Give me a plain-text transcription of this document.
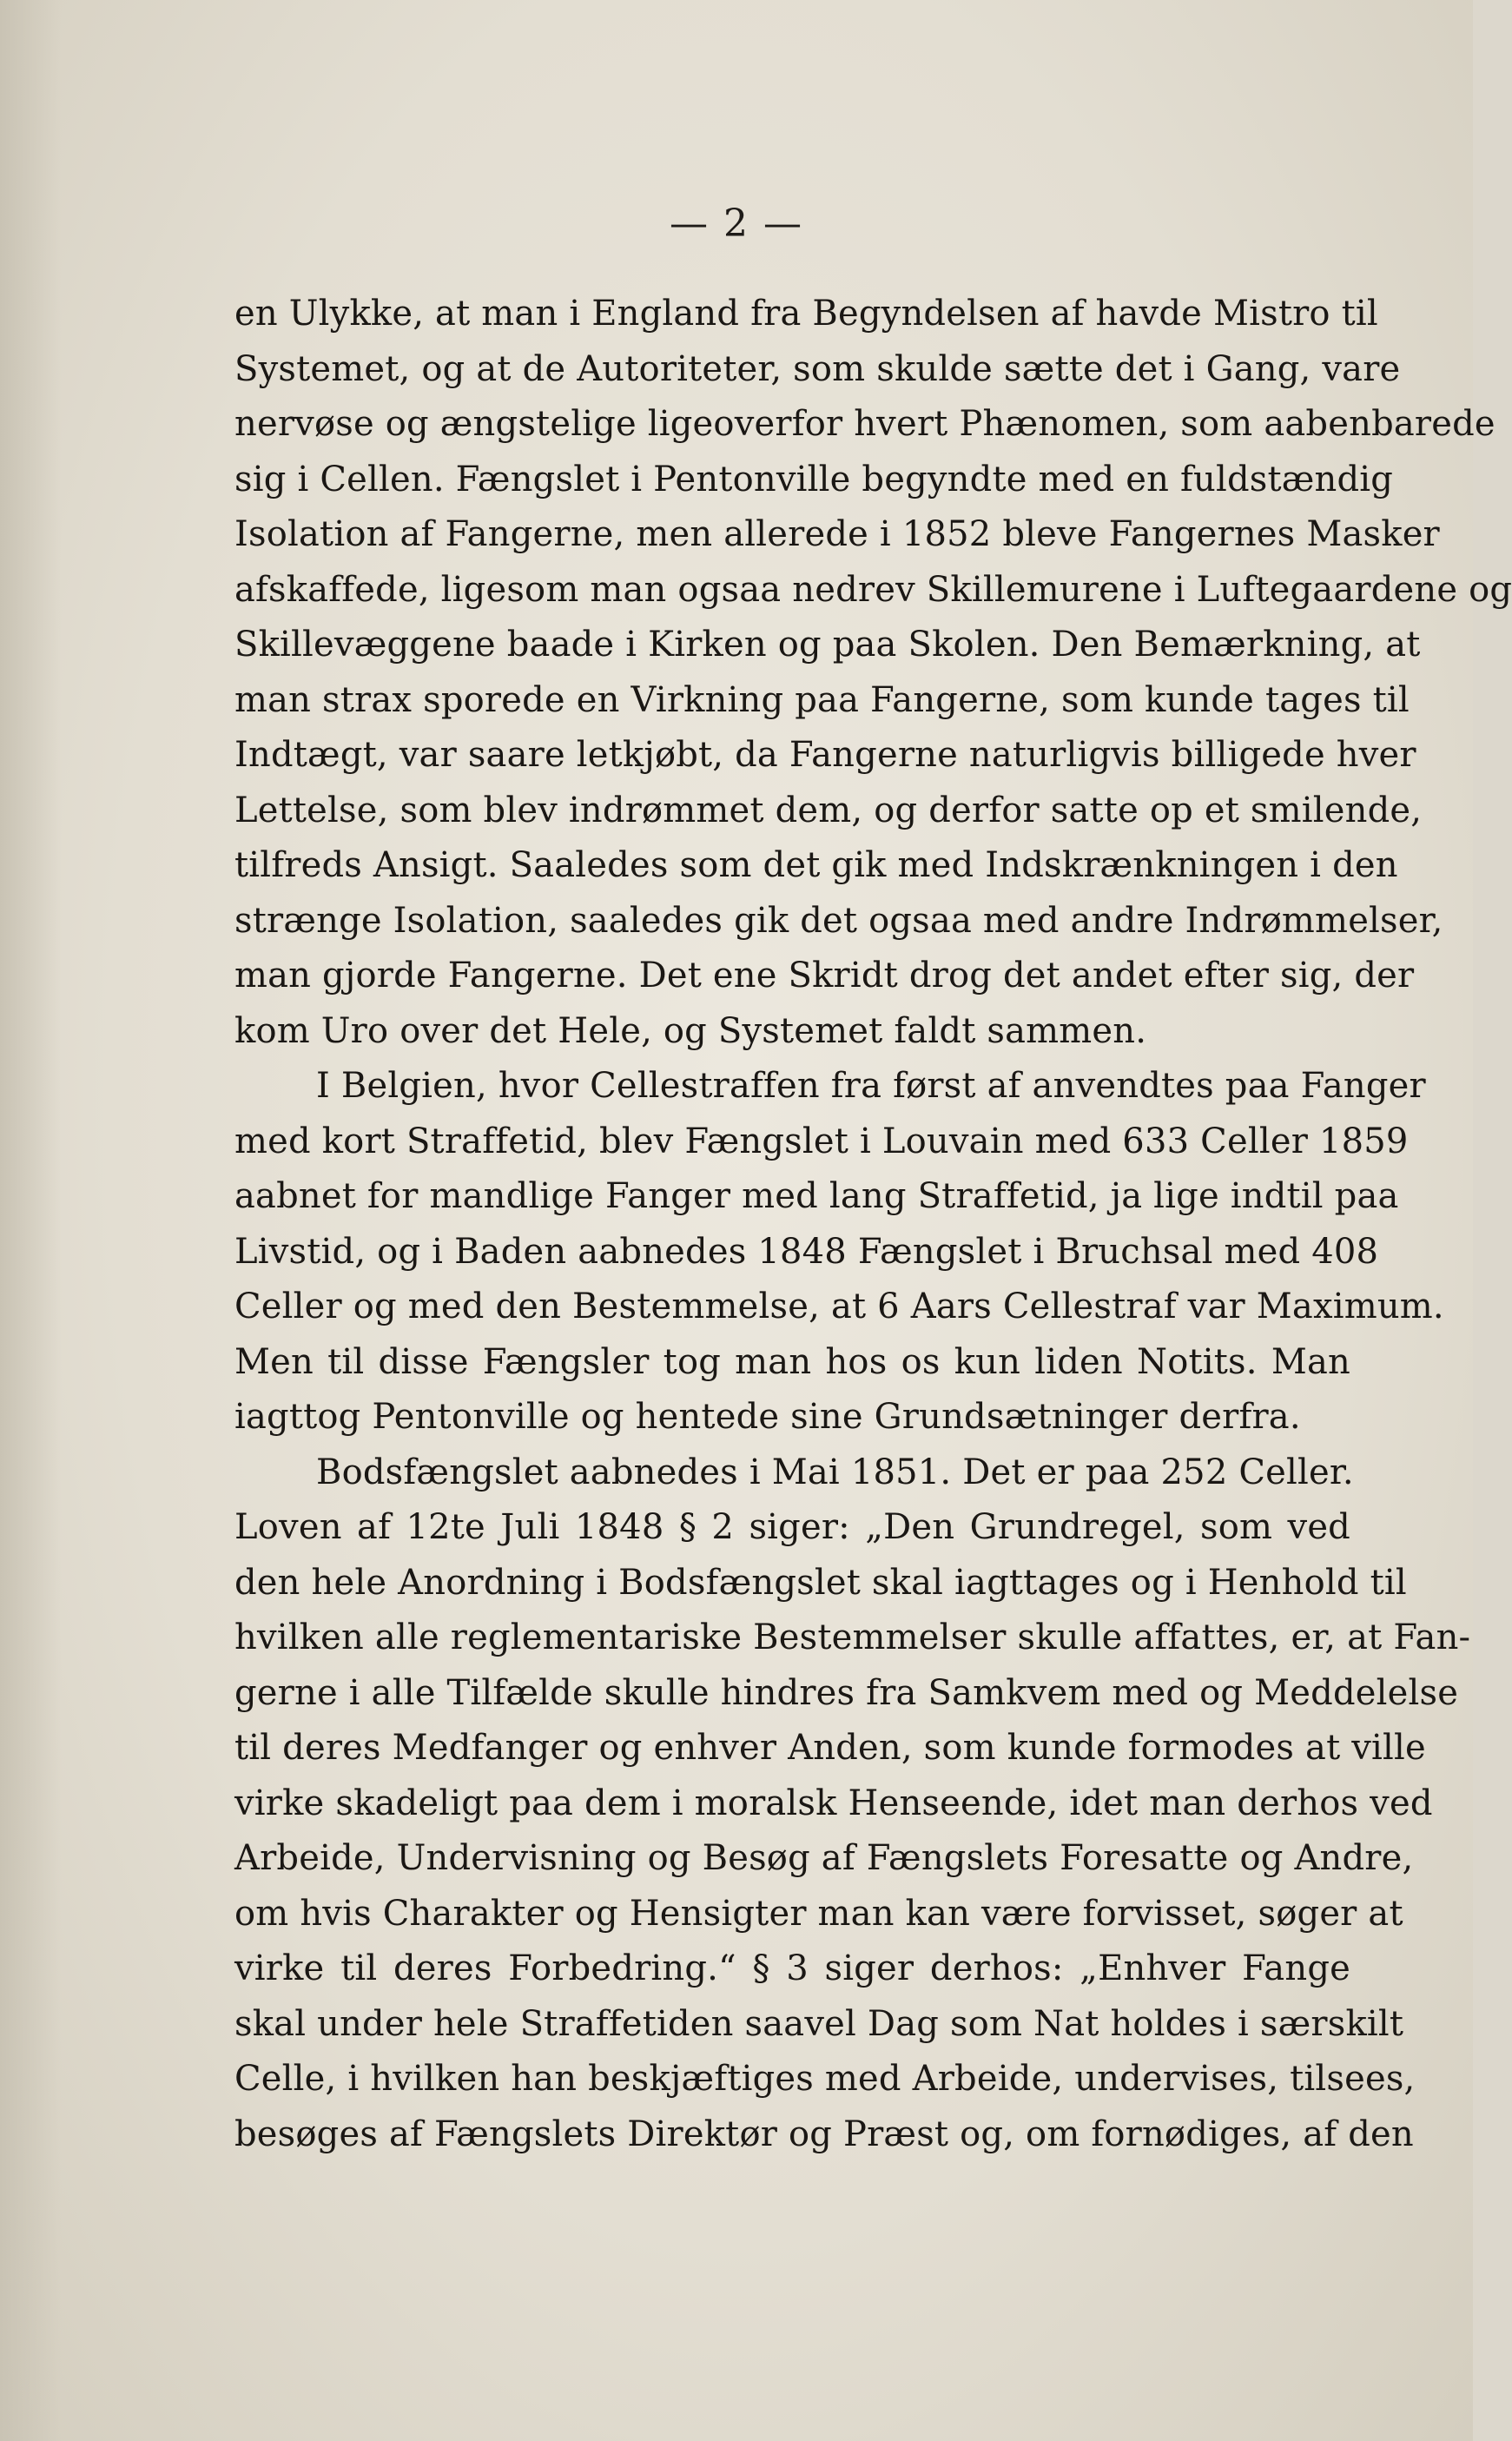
— 2 —
en Ulykke, at man i England fra Begyndelsen af havde Mistro til
Systemet, og at de Autoriteter, som skulde sætte det i Gang, vare
nervøse og ængstelige ligeoverfor hvert Phænomen, som aabenbarede
sig i Cellen. Fængslet i Pentonville begyndte med en fuldstændig
Isolation af Fangerne, men allerede i 1852 bleve Fangernes Masker
afskaffede, ligesom man ogsaa nedrev Skillemurene i Luftegaardene og
Skillevæggene baade i Kirken og paa Skolen. Den Bemærkning, at
man strax sporede en Virkning paa Fangerne, som kunde tages til
Indtægt, var saare letkjøbt, da Fangerne naturligvis billigede hver
Lettelse, som blev indrømmet dem, og derfor satte op et smilende,
tilfreds Ansigt. Saaledes som det gik med Indskrænkningen i den
strænge Isolation, saaledes gik det ogsaa med andre Indrømmelser,
man gjorde Fangerne. Det ene Skridt drog det andet efter sig, der
kom Uro over det Hele, og Systemet faldt sammen.
I Belgien, hvor Cellestraffen fra først af anvendtes paa Fanger
med kort Straffetid, blev Fængslet i Louvain med 633 Celler 1859
aabnet for mandlige Fanger med lang Straffetid, ja lige indtil paa
Livstid, og i Baden aabnedes 1848 Fængslet i Bruchsal med 408
Celler og med den Bestemmelse, at 6 Aars Cellestraf var Maximum.
Men til disse Fængsler tog man hos os kun liden Notits. Man
iagttog Pentonville og hentede sine Grundsætninger derfra.
Bodsfængslet aabnedes i Mai 1851. Det er paa 252 Celler.
Loven af 12te Juli 1848 § 2 siger: „Den Grundregel, som ved
den hele Anordning i Bodsfængslet skal iagttages og i Henhold til
hvilken alle reglementariske Bestemmelser skulle affattes, er, at Fan-
gerne i alle Tilfælde skulle hindres fra Samkvem med og Meddelelse
til deres Medfanger og enhver Anden, som kunde formodes at ville
virke skadeligt paa dem i moralsk Henseende, idet man derhos ved
Arbeide, Undervisning og Besøg af Fængslets Foresatte og Andre,
om hvis Charakter og Hensigter man kan være forvisset, søger at
virke til deres Forbedring.“ § 3 siger derhos: „Enhver Fange
skal under hele Straffetiden saavel Dag som Nat holdes i særskilt
Celle, i hvilken han beskjæftiges med Arbeide, undervises, tilsees,
besøges af Fængslets Direktør og Præst og, om fornødiges, af den
